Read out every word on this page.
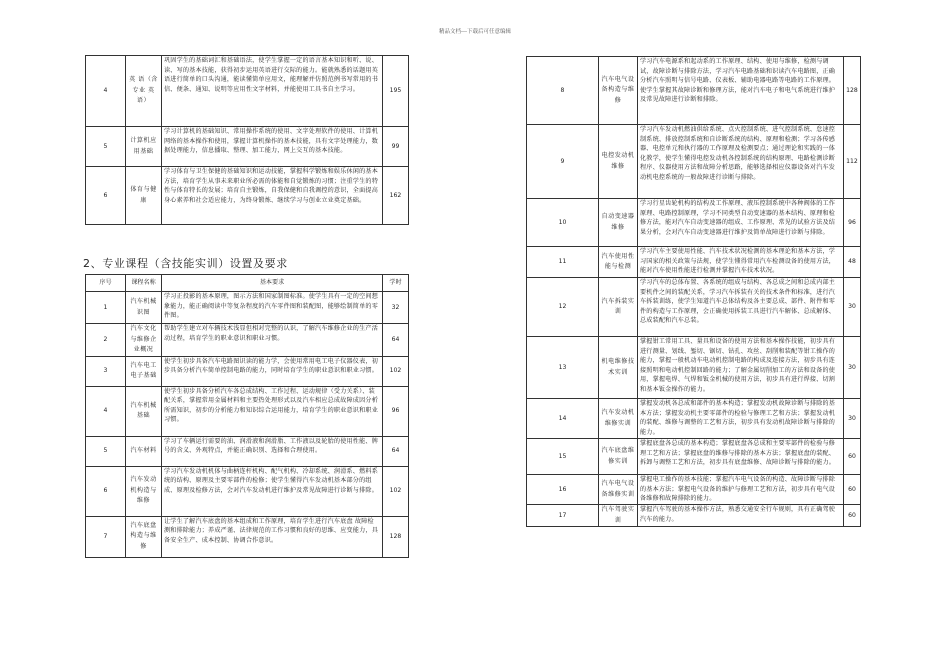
精品文档---下载后可任意编辑
4	英 语（含专业 英 语）	巩固学生的基础词汇和基础语法，使学生掌握一定的语言基本知识和听、说、读、写的基本技能，获得初步运用英语进行交际的能力。能就熟悉的话题用英语进行简单的口头沟通，能读懂简单应用文，能理解并仿照范例书写常用的书信、便条、通知、说明等应用性文字材料，并能使用工具书自主学习。	195
5	计算机应用基础	学习计算机的基础知识、常用操作系统的使用、文字处理软件的使用、计算机网络的基本操作和使用，掌握计算机操作的基本技能，具有文字处理能力，数据处理能力，信息播取、整理、加工能力，网上交互的基本技能。	99
6	体育与健康	学习体育与卫生保健的基础知识和运动技能，掌握科学锻炼和娱乐休闲的基本方法，培育学生从事未来职业所必需的体能和自觉锻炼的习惯；注重学生的特性与体育特长的发展；培育自主锻炼，自我保健和自我调控的意识，全面提高身心素养和社会适应能力，为终身锻炼、继续学习与创业立业奠定基础。	162
2、专业课程（含技能实训）设置及要求
序号	课程名称	基本要求	学时
1	汽车机械识图	学习正投影的基本原理，图示方法和国家制图标准。使学生具有一定的空间想象能力，能正确阅读中等复杂程度的汽车零件图和装配图，能够绘制简单的零件图。	32
2	汽车文化与维修企业概况	帮助学生建立对车辆技术浅显但相对完整的认识，了解汽车维修企业的生产活动过程，培育学生的职业意识和职业习惯。	64
3	汽车电工电子基础	使学生初步具备汽车电路图识读的能力学，会使用常用电工电子仪器仪表，初步具备分析汽车简单控制电路的能力，同时培育学生的职业意识和职业习惯。	102
4	汽车机械基础	使学生初步具备分析汽车各总成结构、工作过程、运动规律（受力关系）、装配关系，掌握常用金属材料和主要热处理形式以及汽车相应总成故障成因分析所需知识，初步的分析能力和知识综合运用能力，培育学生的职业意识和职业习惯。	96
5	汽车材料	学习了车辆运行需要的油、润滑液和润滑脂、工作液以及轮胎的使用性能、牌号的含义、外观特点，并能正确识别、选择和合理使用。	64
6	汽车发动机构造与维修	学习汽车发动机机体与曲柄连杆机构、配气机构、冷却系统、润滑系、燃料系统的结构、原理及主要零部件的检修；使学生懂得汽车发动机基本部分的组成、原理及检修方法，会对汽车发动机进行维护及常见故障进行诊断与排除。	102
7	汽车底盘构造与维修	让学生了解汽车底盘的基本组成和工作原理，培育学生进行汽车底盘 故障检测和排除能力；养成严谨、法律规范的工作习惯和良好的思维、应变能力，具备安全生产、成本控制、协调合作意识。	128
8	汽车电气设备构造与维修	学习汽车电源系和起动系的工作原理、结构、使用与维修，检测与调试，故障诊断与排除方法，学习汽车电路基础和识读汽车电路图，正确分析汽车照明与信号电路、仪表板、辅助电器电路等电路的工作原理。使学生掌握其故障诊断和修理方法，能对汽车电子和电气系统进行维护及常见故障进行诊断和排除。	128
9	电控发动机维修	学习汽车发动机燃油供给系统、点火控制系统、进气控制系统、怠速控制系统、排放控制系统和自诊断系统的结构、原理和检测；学习各传感器、电控单元和执行器的工作原理及检测要点；通过理论和实践的一体化教学，使学生懂得电控发动机各控制系统的结构原理、电路检测诊断程序、仪器使用方法和故障分析思路，能够选择相应仪器设备对汽车发动机电控系统的一般故障进行诊断与排除。	112
10	自动变速器维修	学习行星齿轮机构的结构及工作原理、液压控制系统中各种阀体的工作原理、电路控制原理，学习不同类型自动变速器的基本结构、原理和检修方法，能对汽车自动变速器的组成、工作原理、常见的试验方法及结果分析，会对汽车自动变速器进行维护及简单故障进行诊断与排除。	96
11	汽车使用性能与检测	学习汽车主要使用性能、汽车技术状况检测的基本理论和基本方法，学习国家的相关政策与法规，使学生懂得常用汽车检测设备的使用方法，能对汽车使用性能进行检测并掌握汽车技术状况。	48
12	汽车拆装实训	学习汽车的总体布置、各系统的组成与结构、各总成之间和总成内部主要机件之间的装配关系，学习汽车拆装有关的技术条件和标准，进行汽车拆装训练，使学生知道汽车总体结构及各主要总成、部件、附件和零件的构造与工作原理，会正确使用拆装工具进行汽车解体、总成解体、总成装配和汽车总装。	30
13	机电维修技术实训	掌握钳工常用工具、量具和设备的使用方法和基本操作技能，初步具有进行测量、划线、錾切、锯切、钻孔、攻丝、刮削和装配等钳工操作的能力，掌握一般机动车电动机控制电路的构成及连接方法，初步具有连接照明和电动机控制回路的能力；了解金属切削加工的方法和设备的使用，掌握电焊、气焊和钣金机械的使用方法，初步具有进行焊接、切割和基本钣金操作的能力。	30
14	汽车发动机维修实训	掌握发动机各总成和部件的基本构造；掌握发动机故障诊断与排除的基本方法；掌握发动机主要零部件的检验与修理工艺和方法；掌握发动机的装配、维修与调整的工艺和方法，初步具有发动机故障诊断与排除的能力。	30
15	汽车底盘维修实训	掌握底盘各总成的基本构造；掌握底盘各总成和主要零部件的检验与修理工艺和方法；掌握底盘的维修与排除的基本方法；掌握底盘的装配、拆卸与调整工艺和方法，初步具有底盘维修、故障诊断与排除的能力。	60
16	汽车电气设备维修实训	掌握电工操作的基本技能；掌握汽车电气设备的构造、故障诊断与排除的基本方法；掌握电气设备的维护与修理工艺和方法，初步具有电气设备维修和故障排除的能力。	60
17	汽车驾驶实训	掌握汽车驾驶的基本操作方法，熟悉交通安全行车规则，具有正确驾驶汽车的能力。	60
